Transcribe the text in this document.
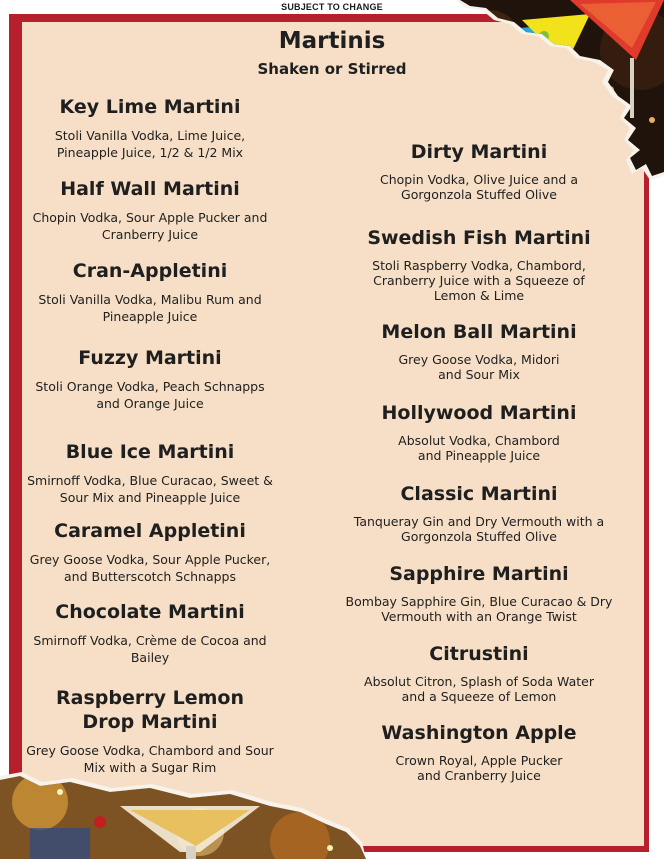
SUBJECT TO CHANGE
Martinis
Shaken or Stirred
Key Lime Martini
Stoli Vanilla Vodka, Lime Juice, Pineapple Juice, 1/2 & 1/2 Mix
Half Wall Martini
Chopin Vodka, Sour Apple Pucker and Cranberry Juice
Cran-Appletini
Stoli Vanilla Vodka, Malibu Rum and Pineapple Juice
Fuzzy Martini
Stoli Orange Vodka, Peach Schnapps and Orange Juice
Blue Ice Martini
Smirnoff Vodka, Blue Curacao, Sweet & Sour Mix and Pineapple Juice
Caramel Appletini
Grey Goose Vodka, Sour Apple Pucker, and Butterscotch Schnapps
Chocolate Martini
Smirnoff Vodka, Crème de Cocoa and Bailey
Raspberry Lemon Drop Martini
Grey Goose Vodka, Chambord and Sour Mix with a Sugar Rim
Dirty Martini
Chopin Vodka, Olive Juice and a Gorgonzola Stuffed Olive
Swedish Fish Martini
Stoli Raspberry Vodka, Chambord, Cranberry Juice with a Squeeze of Lemon & Lime
Melon Ball Martini
Grey Goose Vodka, Midori and Sour Mix
Hollywood Martini
Absolut Vodka, Chambord and Pineapple Juice
Classic Martini
Tanqueray Gin and Dry Vermouth with a Gorgonzola Stuffed Olive
Sapphire Martini
Bombay Sapphire Gin, Blue Curacao & Dry Vermouth with an Orange Twist
Citrustini
Absolut Citron, Splash of Soda Water and a Squeeze of Lemon
Washington Apple
Crown Royal, Apple Pucker and Cranberry Juice
